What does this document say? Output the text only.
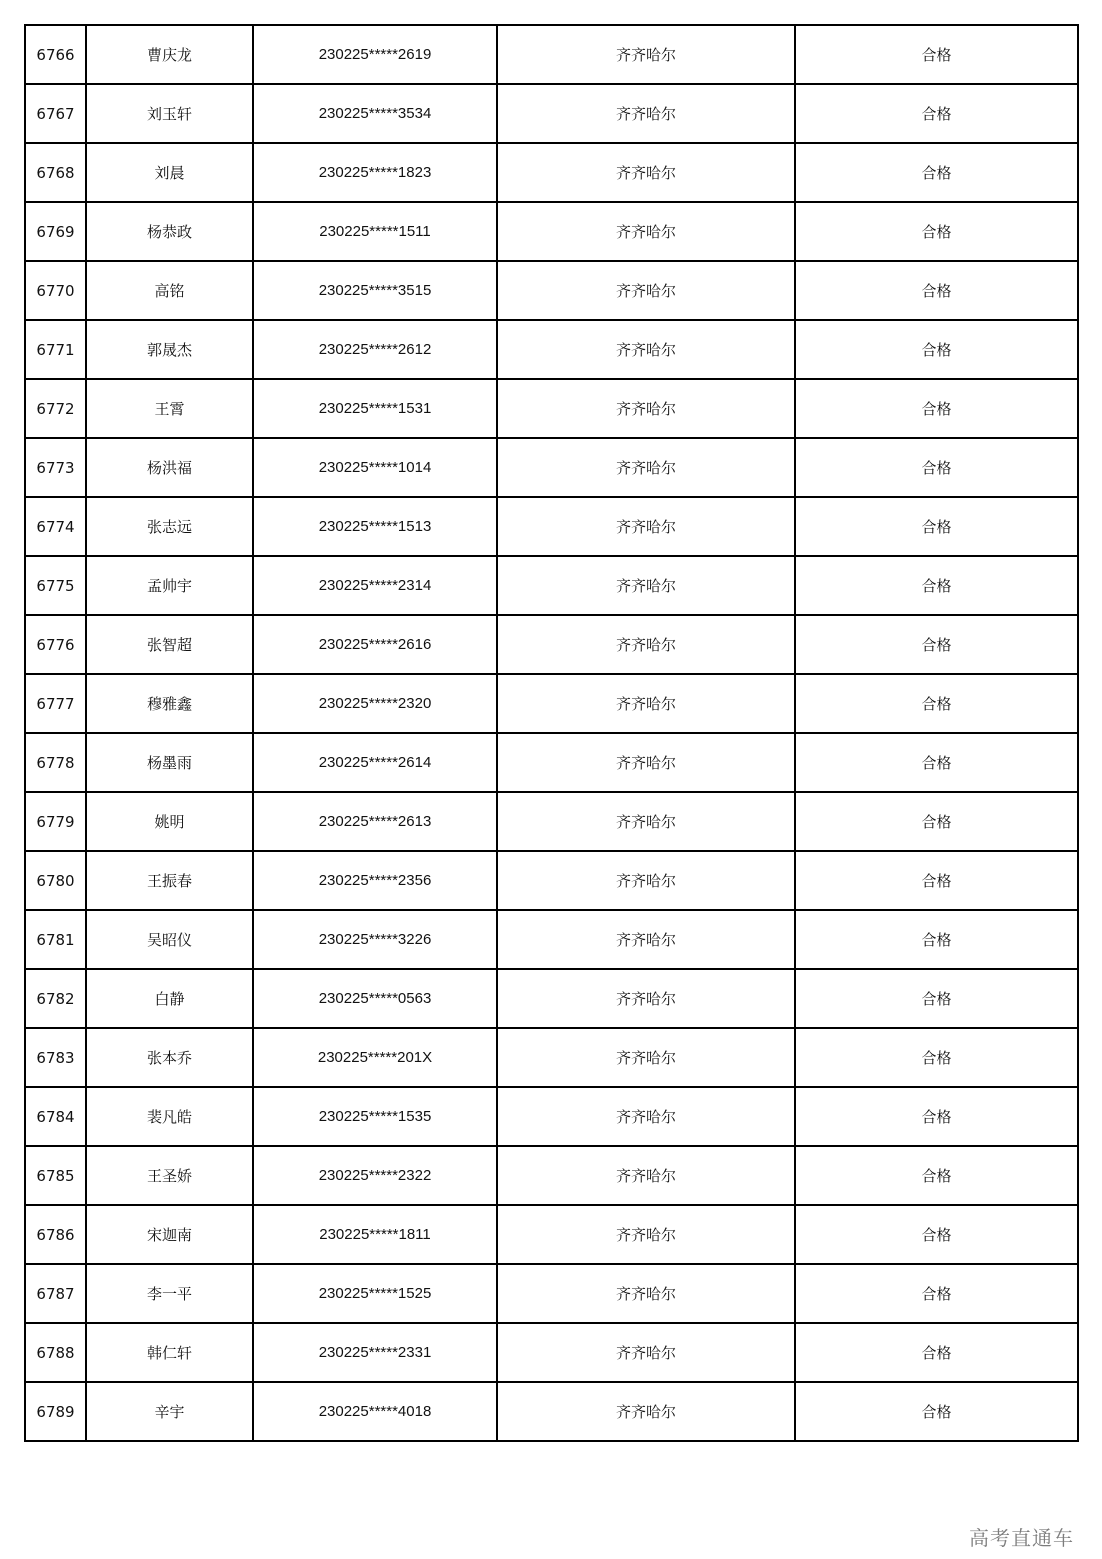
6766	曹庆龙	230225*****2619	齐齐哈尔	合格
6767	刘玉轩	230225*****3534	齐齐哈尔	合格
6768	刘晨	230225*****1823	齐齐哈尔	合格
6769	杨恭政	230225*****1511	齐齐哈尔	合格
6770	高铭	230225*****3515	齐齐哈尔	合格
6771	郭晟杰	230225*****2612	齐齐哈尔	合格
6772	王霄	230225*****1531	齐齐哈尔	合格
6773	杨洪福	230225*****1014	齐齐哈尔	合格
6774	张志远	230225*****1513	齐齐哈尔	合格
6775	孟帅宇	230225*****2314	齐齐哈尔	合格
6776	张智超	230225*****2616	齐齐哈尔	合格
6777	穆雅鑫	230225*****2320	齐齐哈尔	合格
6778	杨墨雨	230225*****2614	齐齐哈尔	合格
6779	姚明	230225*****2613	齐齐哈尔	合格
6780	王振春	230225*****2356	齐齐哈尔	合格
6781	吴昭仪	230225*****3226	齐齐哈尔	合格
6782	白静	230225*****0563	齐齐哈尔	合格
6783	张本乔	230225*****201X	齐齐哈尔	合格
6784	裴凡皓	230225*****1535	齐齐哈尔	合格
6785	王圣娇	230225*****2322	齐齐哈尔	合格
6786	宋迦南	230225*****1811	齐齐哈尔	合格
6787	李一平	230225*****1525	齐齐哈尔	合格
6788	韩仁轩	230225*****2331	齐齐哈尔	合格
6789	辛宇	230225*****4018	齐齐哈尔	合格
高考直通车
